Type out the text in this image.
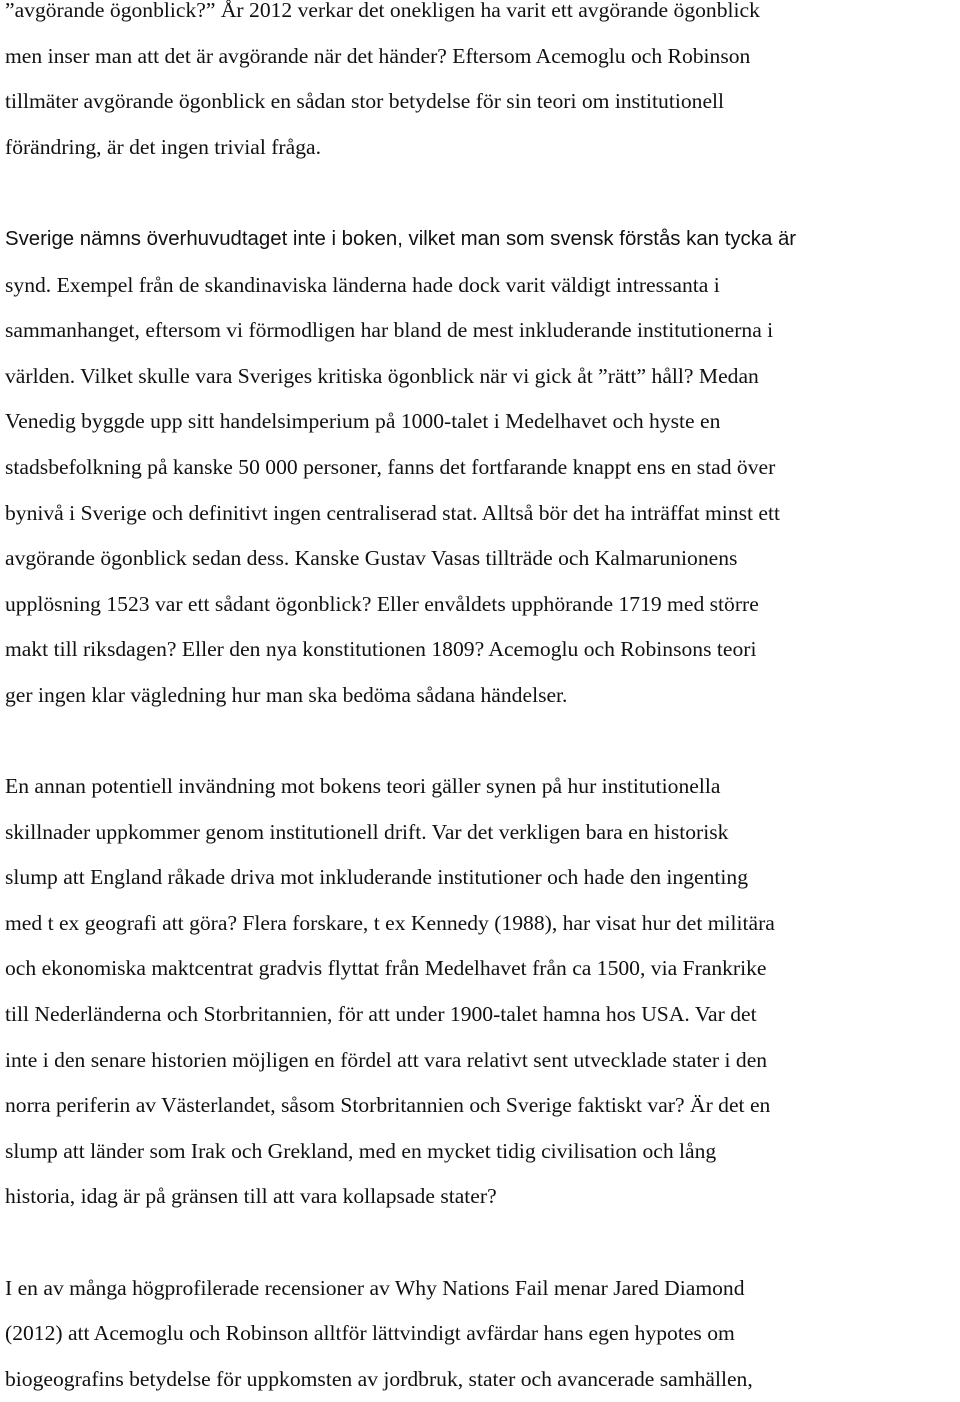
”avgörande ögonblick?” År 2012 verkar det onekligen ha varit ett avgörande ögonblick
men inser man att det är avgörande när det händer? Eftersom Acemoglu och Robinson
tillmäter avgörande ögonblick en sådan stor betydelse för sin teori om institutionell
förändring, är det ingen trivial fråga.

Sverige nämns överhuvudtaget inte i boken, vilket man som svensk förstås kan tycka är
synd. Exempel från de skandinaviska länderna hade dock varit väldigt intressanta i
sammanhanget, eftersom vi förmodligen har bland de mest inkluderande institutionerna i
världen. Vilket skulle vara Sveriges kritiska ögonblick när vi gick åt ”rätt” håll? Medan
Venedig byggde upp sitt handelsimperium på 1000-talet i Medelhavet och hyste en
stadsbefolkning på kanske 50 000 personer, fanns det fortfarande knappt ens en stad över
bynivå i Sverige och definitivt ingen centraliserad stat. Alltså bör det ha inträffat minst ett
avgörande ögonblick sedan dess. Kanske Gustav Vasas tillträde och Kalmarunionens
upplösning 1523 var ett sådant ögonblick? Eller envåldets upphörande 1719 med större
makt till riksdagen? Eller den nya konstitutionen 1809? Acemoglu och Robinsons teori
ger ingen klar vägledning hur man ska bedöma sådana händelser.

En annan potentiell invändning mot bokens teori gäller synen på hur institutionella
skillnader uppkommer genom institutionell drift. Var det verkligen bara en historisk
slump att England råkade driva mot inkluderande institutioner och hade den ingenting
med t ex geografi att göra? Flera forskare, t ex Kennedy (1988), har visat hur det militära
och ekonomiska maktcentrat gradvis flyttat från Medelhavet från ca 1500, via Frankrike
till Nederländerna och Storbritannien, för att under 1900-talet hamna hos USA. Var det
inte i den senare historien möjligen en fördel att vara relativt sent utvecklade stater i den
norra periferin av Västerlandet, såsom Storbritannien och Sverige faktiskt var? Är det en
slump att länder som Irak och Grekland, med en mycket tidig civilisation och lång
historia, idag är på gränsen till att vara kollapsade stater?

I en av många högprofilerade recensioner av Why Nations Fail menar Jared Diamond
(2012) att Acemoglu och Robinson alltför lättvindigt avfärdar hans egen hypotes om
biogeografins betydelse för uppkomsten av jordbruk, stater och avancerade samhällen,
